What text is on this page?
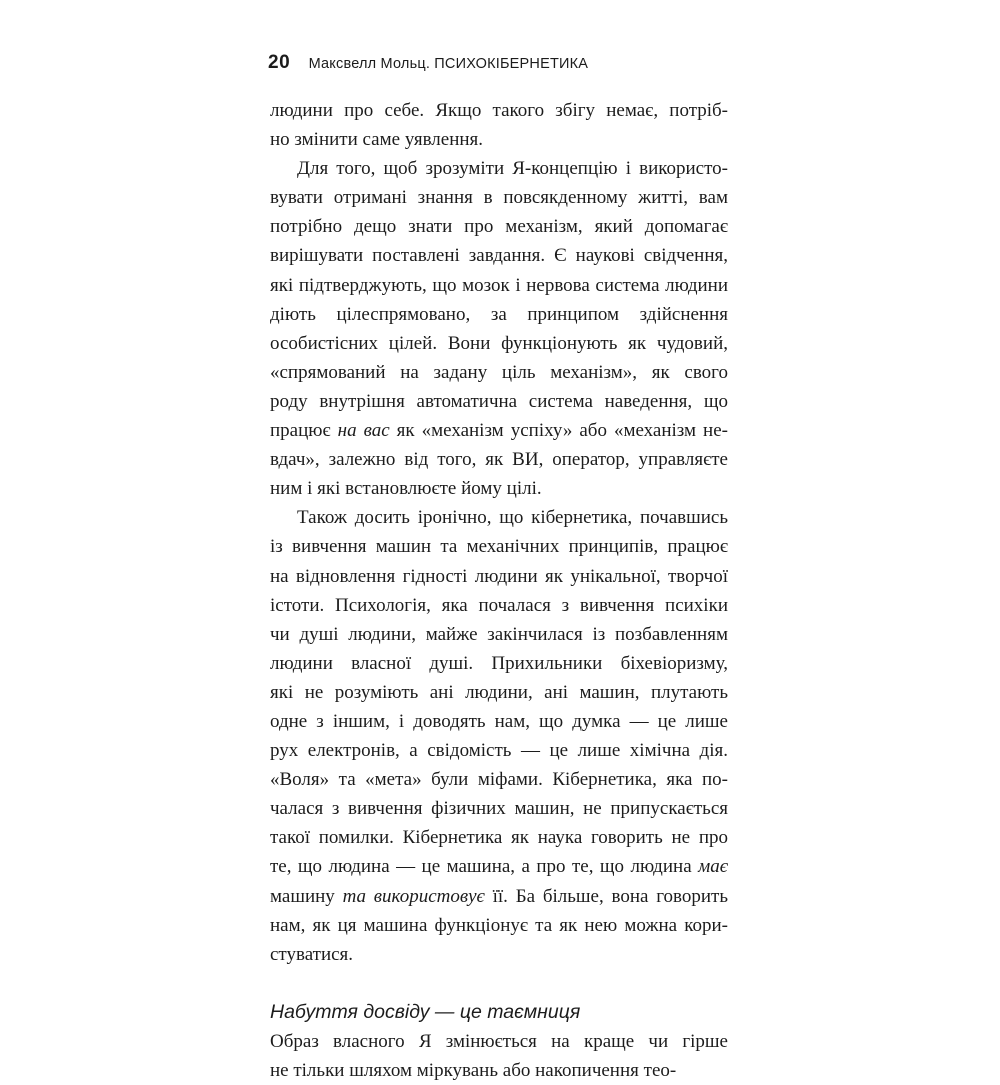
20 Максвелл Мольц. ПСИХОКІБЕРНЕТИКА
людини про себе. Якщо такого збігу немає, потріб-
но змінити саме уявлення.
Для того, щоб зрозуміти Я-концепцію і використо-
вувати отримані знання в повсякденному житті, вам
потрібно дещо знати про механізм, який допомагає
вирішувати поставлені завдання. Є наукові свідчення,
які підтверджують, що мозок і нервова система людини
діють цілеспрямовано, за принципом здійснення
особистісних цілей. Вони функціонують як чудовий,
«спрямований на задану ціль механізм», як свого
роду внутрішня автоматична система наведення, що
працює на вас як «механізм успіху» або «механізм не-
вдач», залежно від того, як ВИ, оператор, управляєте
ним і які встановлюєте йому цілі.
Також досить іронічно, що кібернетика, почавшись
із вивчення машин та механічних принципів, працює
на відновлення гідності людини як унікальної, творчої
істоти. Психологія, яка почалася з вивчення психіки
чи душі людини, майже закінчилася із позбавленням
людини власної душі. Прихильники біхевіоризму,
які не розуміють ані людини, ані машин, плутають
одне з іншим, і доводять нам, що думка — це лише
рух електронів, а свідомість — це лише хімічна дія.
«Воля» та «мета» були міфами. Кібернетика, яка по-
чалася з вивчення фізичних машин, не припускається
такої помилки. Кібернетика як наука говорить не про
те, що людина — це машина, а про те, що людина має
машину та використовує її. Ба більше, вона говорить
нам, як ця машина функціонує та як нею можна кори-
стуватися.
Набуття досвіду — це таємниця
Образ власного Я змінюється на краще чи гірше
не тільки шляхом міркувань або накопичення тео-
